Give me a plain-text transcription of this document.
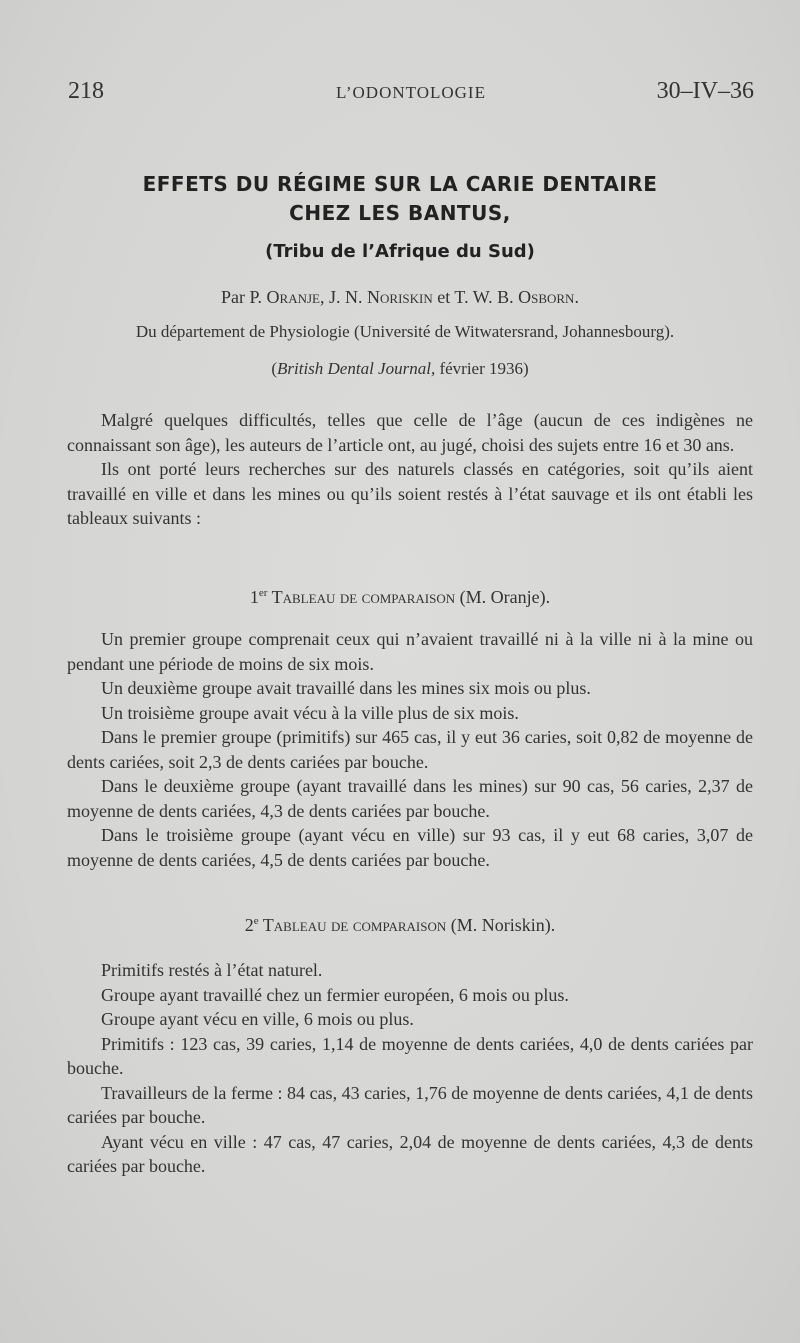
218	L’ODONTOLOGIE	30–IV–36
EFFETS DU RÉGIME SUR LA CARIE DENTAIRE
CHEZ LES BANTUS,
(Tribu de l’Afrique du Sud)
Par P. Oranje, J. N. Noriskin et T. W. B. Osborn.
Du département de Physiologie (Université de Witwatersrand, Johannesbourg).
(British Dental Journal, février 1936)

Malgré quelques difficultés, telles que celle de l’âge (aucun de ces indigènes ne connaissant son âge), les auteurs de l’article ont, au jugé, choisi des sujets entre 16 et 30 ans.

Ils ont porté leurs recherches sur des naturels classés en catégories, soit qu’ils aient travaillé en ville et dans les mines ou qu’ils soient restés à l’état sauvage et ils ont établi les tableaux suivants :

1er Tableau de comparaison (M. Oranje).

Un premier groupe comprenait ceux qui n’avaient travaillé ni à la ville ni à la mine ou pendant une période de moins de six mois.

Un deuxième groupe avait travaillé dans les mines six mois ou plus.

Un troisième groupe avait vécu à la ville plus de six mois.

Dans le premier groupe (primitifs) sur 465 cas, il y eut 36 caries, soit 0,82 de moyenne de dents cariées, soit 2,3 de dents cariées par bouche.

Dans le deuxième groupe (ayant travaillé dans les mines) sur 90 cas, 56 caries, 2,37 de moyenne de dents cariées, 4,3 de dents cariées par bouche.

Dans le troisième groupe (ayant vécu en ville) sur 93 cas, il y eut 68 caries, 3,07 de moyenne de dents cariées, 4,5 de dents cariées par bouche.

2e Tableau de comparaison (M. Noriskin).

Primitifs restés à l’état naturel.

Groupe ayant travaillé chez un fermier européen, 6 mois ou plus.

Groupe ayant vécu en ville, 6 mois ou plus.

Primitifs : 123 cas, 39 caries, 1,14 de moyenne de dents cariées, 4,0 de dents cariées par bouche.

Travailleurs de la ferme : 84 cas, 43 caries, 1,76 de moyenne de dents cariées, 4,1 de dents cariées par bouche.

Ayant vécu en ville : 47 cas, 47 caries, 2,04 de moyenne de dents cariées, 4,3 de dents cariées par bouche.
